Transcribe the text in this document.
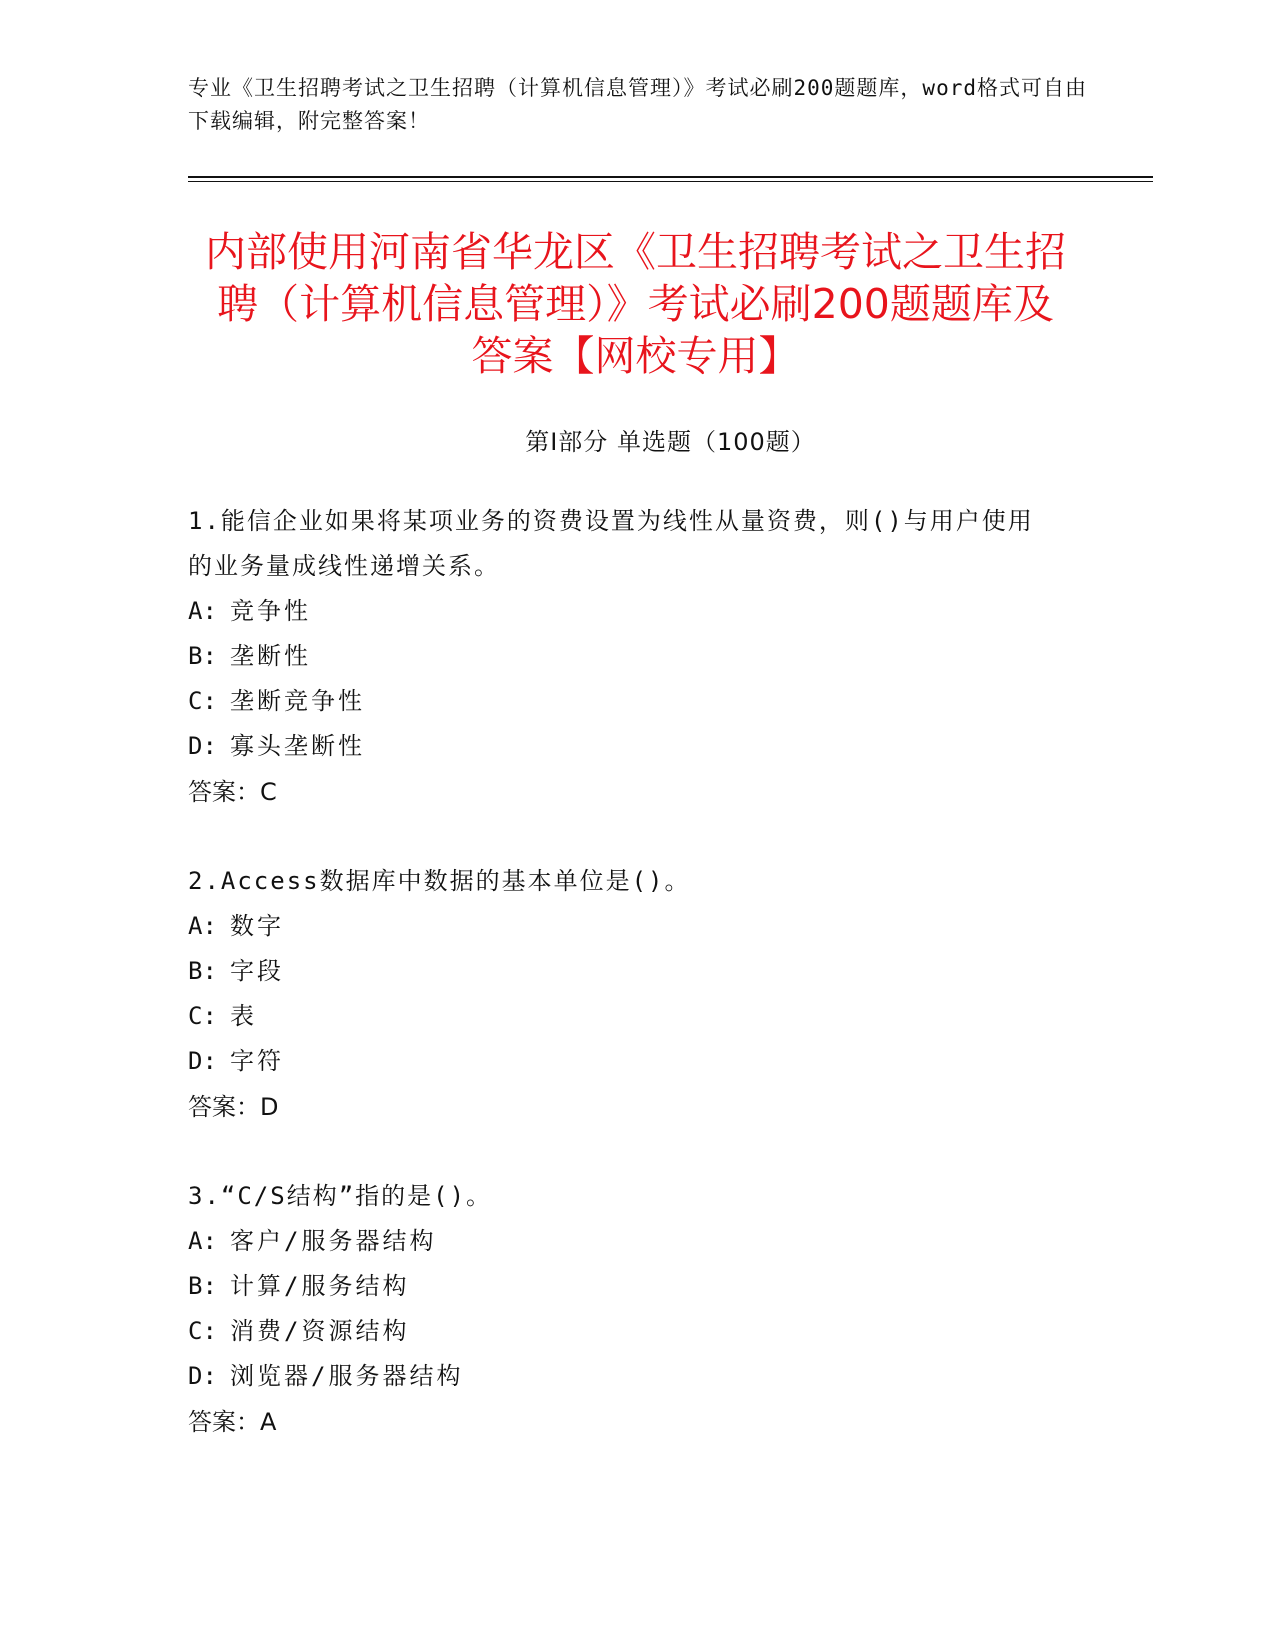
专业《卫生招聘考试之卫生招聘（计算机信息管理）》考试必刷200题题库，word格式可自由下载编辑，附完整答案！
内部使用河南省华龙区《卫生招聘考试之卫生招聘（计算机信息管理）》考试必刷200题题库及答案【网校专用】
第Ⅰ部分 单选题（100题）
1.能信企业如果将某项业务的资费设置为线性从量资费，则()与用户使用的业务量成线性递增关系。
A: 竞争性
B: 垄断性
C: 垄断竞争性
D: 寡头垄断性
答案：C
2.Access数据库中数据的基本单位是()。
A: 数字
B: 字段
C: 表
D: 字符
答案：D
3.“C/S结构”指的是()。
A: 客户/服务器结构
B: 计算/服务结构
C: 消费/资源结构
D: 浏览器/服务器结构
答案：A
